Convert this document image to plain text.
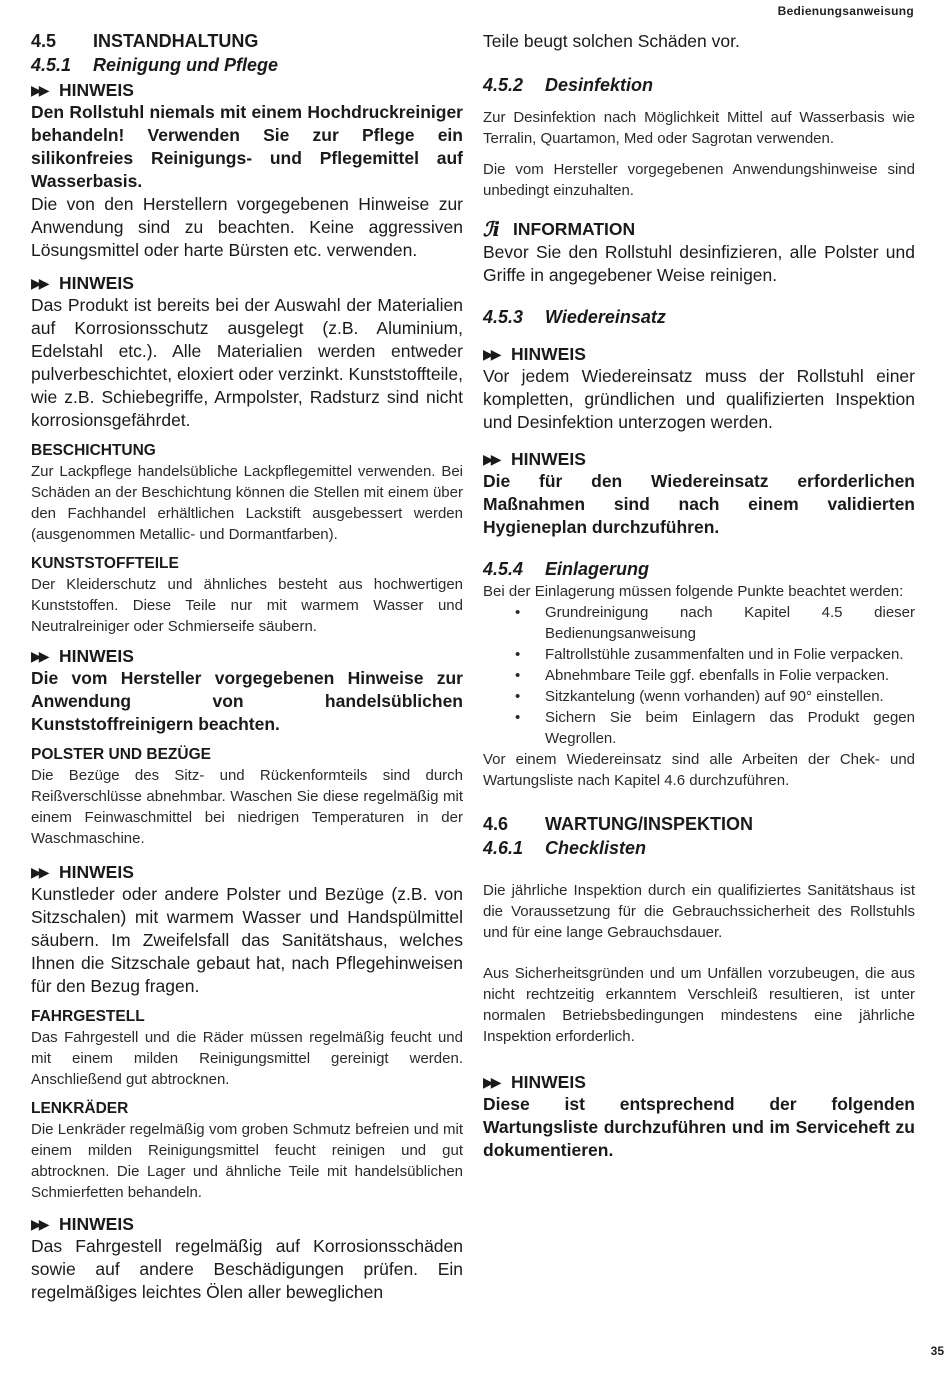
Bedienungsanweisung

4.5 INSTANDHALTUNG

4.5.1 Reinigung und Pflege

▶▶ HINWEIS

Den Rollstuhl niemals mit einem Hochdruckreiniger behandeln! Verwenden Sie zur Pflege ein silikonfreies Reinigungs- und Pflegemittel auf Wasserbasis.

Die von den Herstellern vorgegebenen Hinweise zur Anwendung sind zu beachten. Keine aggressiven Lösungsmittel oder harte Bürsten etc. verwenden.

▶▶ HINWEIS

Das Produkt ist bereits bei der Auswahl der Materialien auf Korrosionsschutz ausgelegt (z.B. Aluminium, Edelstahl etc.). Alle Materialien werden entweder pulverbeschichtet, eloxiert oder verzinkt. Kunststoffteile, wie z.B. Schiebegriffe, Armpolster, Radsturz sind nicht korrosionsgefährdet.

BESCHICHTUNG

Zur Lackpflege handelsübliche Lackpflegemittel verwenden. Bei Schäden an der Beschichtung können die Stellen mit einem über den Fachhandel erhältlichen Lackstift ausgebessert werden (ausgenommen Metallic- und Dormantfarben).

KUNSTSTOFFTEILE

Der Kleiderschutz und ähnliches besteht aus hochwertigen Kunststoffen. Diese Teile nur mit warmem Wasser und Neutralreiniger oder Schmierseife säubern.

▶▶ HINWEIS

Die vom Hersteller vorgegebenen Hinweise zur Anwendung von handelsüblichen Kunststoffreinigern beachten.

POLSTER UND BEZÜGE

Die Bezüge des Sitz- und Rückenformteils sind durch Reißverschlüsse abnehmbar. Waschen Sie diese regelmäßig mit einem Feinwaschmittel bei niedrigen Temperaturen in der Waschmaschine.

▶▶ HINWEIS

Kunstleder oder andere Polster und Bezüge (z.B. von Sitzschalen) mit warmem Wasser und Handspülmittel säubern. Im Zweifelsfall das Sanitätshaus, welches Ihnen die Sitzschale gebaut hat, nach Pflegehinweisen für den Bezug fragen.

FAHRGESTELL

Das Fahrgestell und die Räder müssen regelmäßig feucht und mit einem milden Reinigungsmittel gereinigt werden. Anschließend gut abtrocknen.

LENKRÄDER

Die Lenkräder regelmäßig vom groben Schmutz befreien und mit einem milden Reinigungsmittel feucht reinigen und gut abtrocknen. Die Lager und ähnliche Teile mit handelsüblichen Schmierfetten behandeln.

▶▶ HINWEIS

Das Fahrgestell regelmäßig auf Korrosionsschäden sowie auf andere Beschädigungen prüfen. Ein regelmäßiges leichtes Ölen aller beweglichen

Teile beugt solchen Schäden vor.

4.5.2 Desinfektion

Zur Desinfektion nach Möglichkeit Mittel auf Wasserbasis wie Terralin, Quartamon, Med oder Sagrotan verwenden.

Die vom Hersteller vorgegebenen Anwendungshinweise sind unbedingt einzuhalten.

ℐi INFORMATION

Bevor Sie den Rollstuhl desinfizieren, alle Polster und Griffe in angegebener Weise reinigen.

4.5.3 Wiedereinsatz

▶▶ HINWEIS

Vor jedem Wiedereinsatz muss der Rollstuhl einer kompletten, gründlichen und qualifizierten Inspektion und Desinfektion unterzogen werden.

▶▶ HINWEIS

Die für den Wiedereinsatz erforderlichen Maßnahmen sind nach einem validierten Hygieneplan durchzuführen.

4.5.4 Einlagerung

Bei der Einlagerung müssen folgende Punkte beachtet werden:

• Grundreinigung nach Kapitel 4.5 dieser Bedienungsanweisung
• Faltrollstühle zusammenfalten und in Folie verpacken.
• Abnehmbare Teile ggf. ebenfalls in Folie verpacken.
• Sitzkantelung (wenn vorhanden) auf 90° einstellen.
• Sichern Sie beim Einlagern das Produkt gegen Wegrollen.

Vor einem Wiedereinsatz sind alle Arbeiten der Chek- und Wartungsliste nach Kapitel 4.6 durchzuführen.

4.6 WARTUNG/INSPEKTION

4.6.1 Checklisten

Die jährliche Inspektion durch ein qualifiziertes Sanitätshaus ist die Voraussetzung für die Gebrauchssicherheit des Rollstuhls und für eine lange Gebrauchsdauer.

Aus Sicherheitsgründen und um Unfällen vorzubeugen, die aus nicht rechtzeitig erkanntem Verschleiß resultieren, ist unter normalen Betriebsbedingungen mindestens eine jährliche Inspektion erforderlich.

▶▶ HINWEIS

Diese ist entsprechend der folgenden Wartungsliste durchzuführen und im Serviceheft zu dokumentieren.

35
